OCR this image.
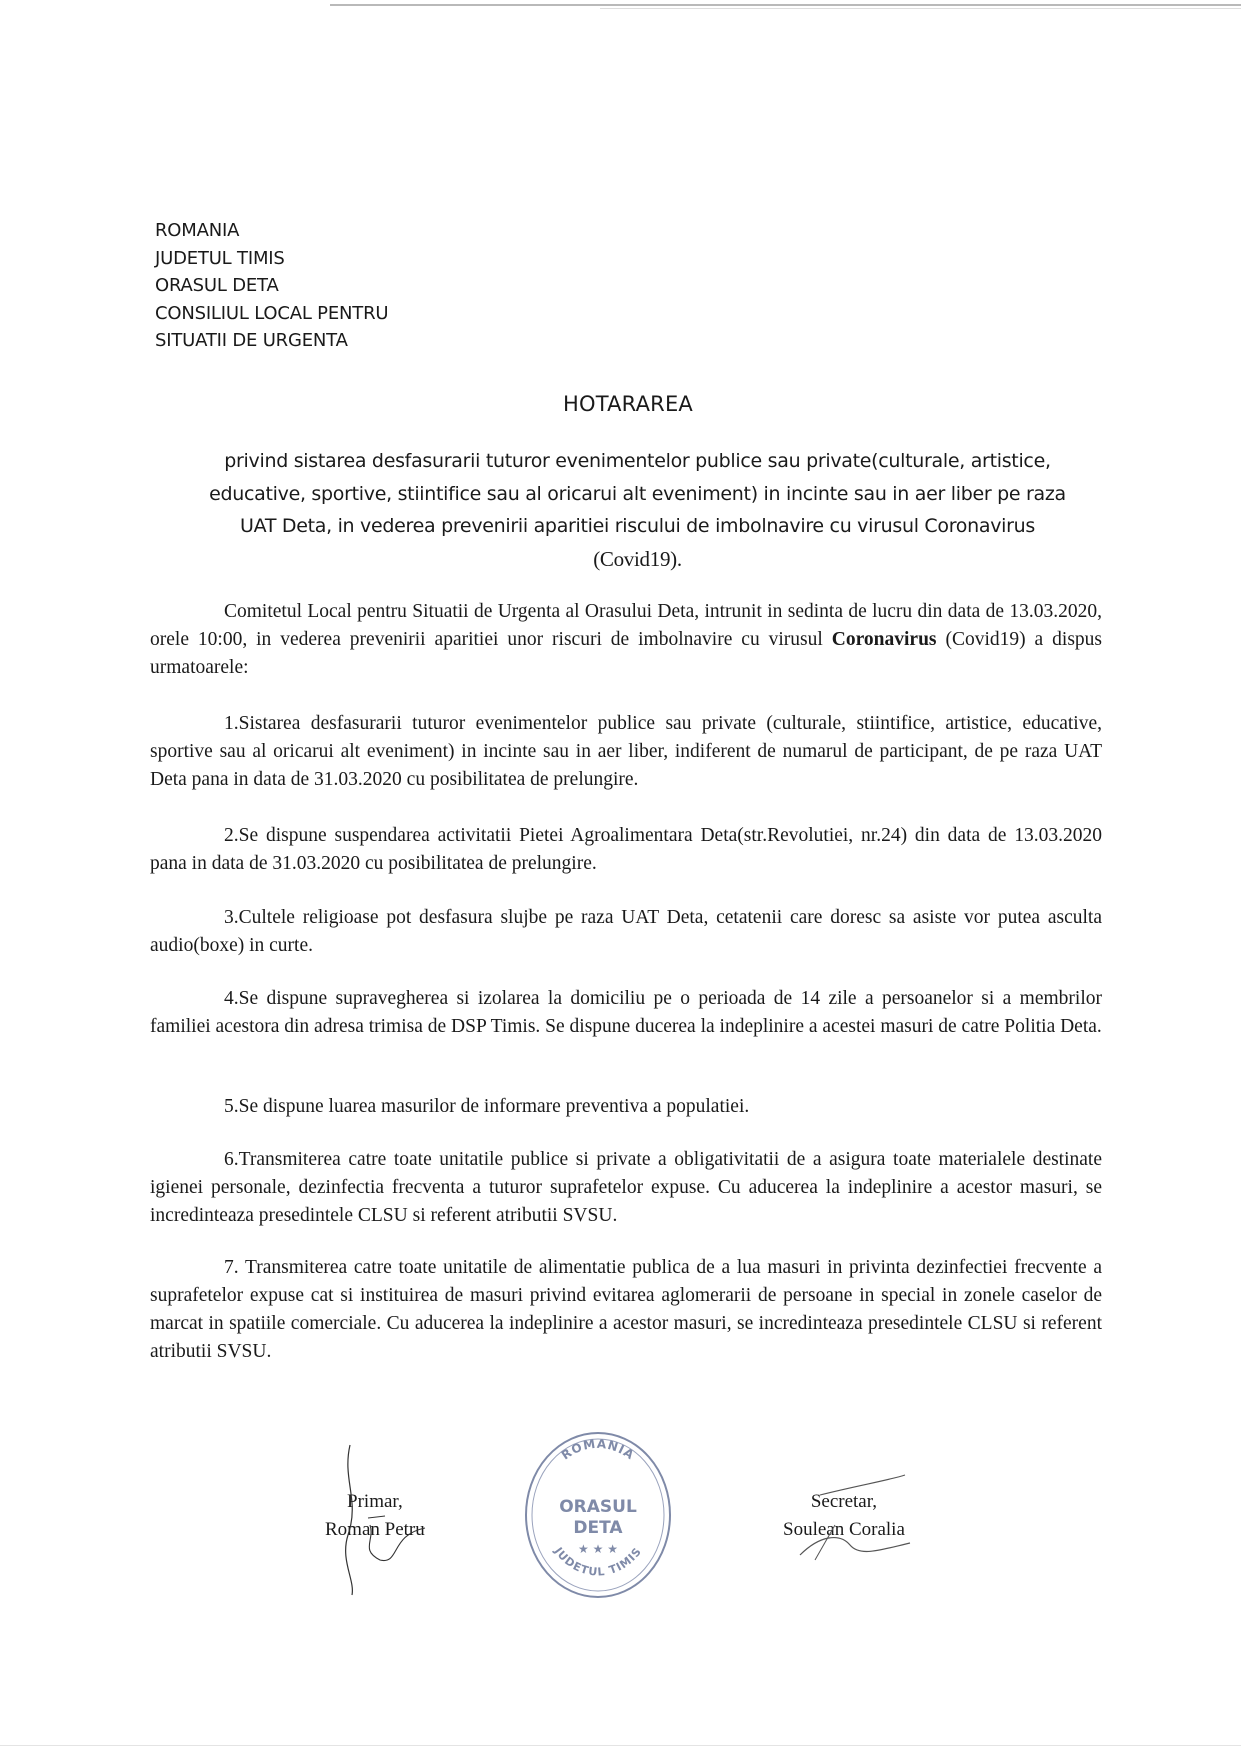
ROMANIA
JUDETUL TIMIS
ORASUL DETA
CONSILIUL LOCAL PENTRU
SITUATII DE URGENTA
HOTARAREA
privind sistarea desfasurarii tuturor evenimentelor publice sau private(culturale, artistice,
educative, sportive, stiintifice sau al oricarui alt eveniment) in incinte sau in aer liber pe raza
UAT Deta, in vederea prevenirii aparitiei riscului de imbolnavire cu virusul Coronavirus
(Covid19).

Comitetul Local pentru Situatii de Urgenta al Orasului Deta, intrunit in sedinta de lucru din data de 13.03.2020, orele 10:00, in vederea prevenirii aparitiei unor riscuri de imbolnavire cu virusul Coronavirus (Covid19) a dispus urmatoarele:

1.Sistarea desfasurarii tuturor evenimentelor publice sau private (culturale, stiintifice, artistice, educative, sportive sau al oricarui alt eveniment) in incinte sau in aer liber, indiferent de numarul de participant, de pe raza UAT Deta pana in data de 31.03.2020 cu posibilitatea de prelungire.

2.Se dispune suspendarea activitatii Pietei Agroalimentara Deta(str.Revolutiei, nr.24) din data de 13.03.2020 pana in data de 31.03.2020 cu posibilitatea de prelungire.

3.Cultele religioase pot desfasura slujbe pe raza UAT Deta, cetatenii care doresc sa asiste vor putea asculta audio(boxe) in curte.

4.Se dispune supravegherea si izolarea la domiciliu pe o perioada de 14 zile a persoanelor si a membrilor familiei acestora din adresa trimisa de DSP Timis. Se dispune ducerea la indeplinire a acestei masuri de catre Politia Deta.

5.Se dispune luarea masurilor de informare preventiva a populatiei.

6.Transmiterea catre toate unitatile publice si private a obligativitatii de a asigura toate materialele destinate igienei personale, dezinfectia frecventa a tuturor suprafetelor expuse. Cu aducerea la indeplinire a acestor masuri, se incredinteaza presedintele CLSU si referent atributii SVSU.

7. Transmiterea catre toate unitatile de alimentatie publica de a lua masuri in privinta dezinfectiei frecvente a suprafetelor expuse cat si instituirea de masuri privind evitarea aglomerarii de persoane in special in zonele caselor de marcat in spatiile comerciale. Cu aducerea la indeplinire a acestor masuri, se incredinteaza presedintele CLSU si referent atributii SVSU.

Primar,
Roman Petru
Secretar,
Soulean Coralia
ROMANIA
ORASUL
DETA
★ ★ ★
JUDETUL TIMIS
